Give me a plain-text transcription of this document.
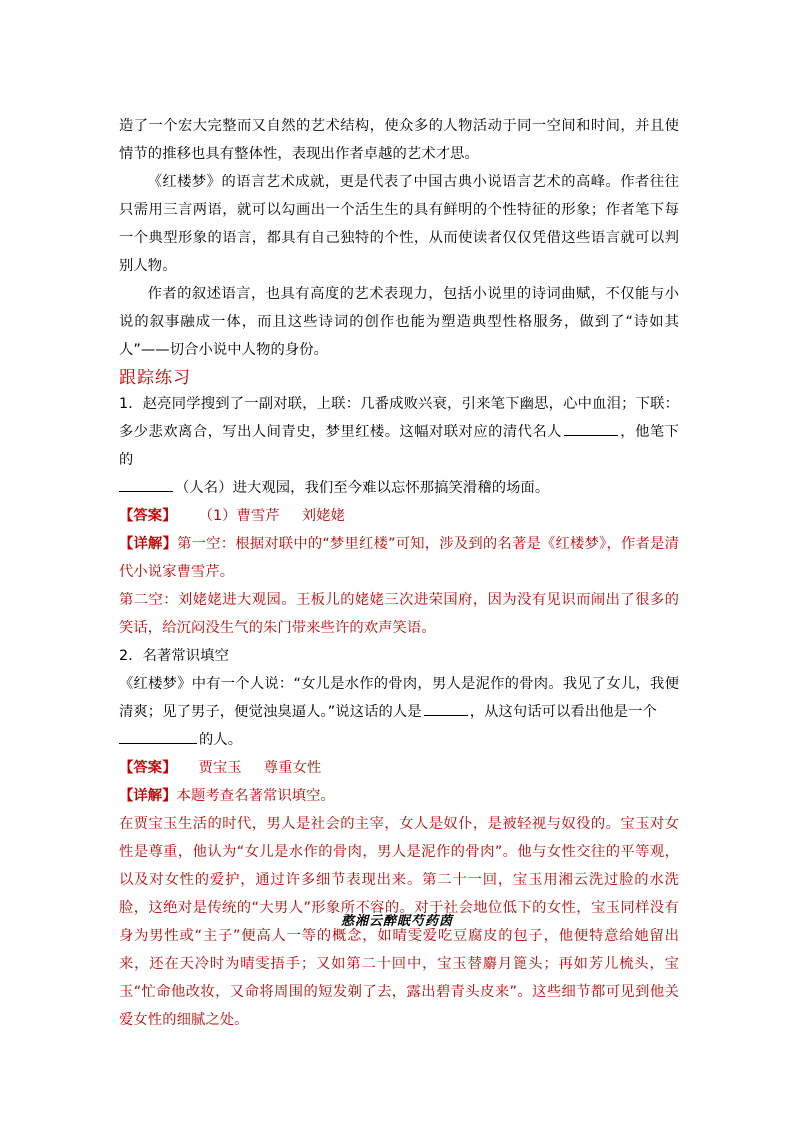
造了一个宏大完整而又自然的艺术结构，使众多的人物活动于同一空间和时间，并且使情节的推移也具有整体性，表现出作者卓越的艺术才思。

《红楼梦》的语言艺术成就，更是代表了中国古典小说语言艺术的高峰。作者往往只需用三言两语，就可以勾画出一个活生生的具有鲜明的个性特征的形象；作者笔下每一个典型形象的语言，都具有自己独特的个性，从而使读者仅仅凭借这些语言就可以判别人物。

作者的叙述语言，也具有高度的艺术表现力，包括小说里的诗词曲赋，不仅能与小说的叙事融成一体，而且这些诗词的创作也能为塑造典型性格服务，做到了“诗如其人”——切合小说中人物的身份。

跟踪练习

1．赵亮同学搜到了一副对联，上联：几番成败兴衰，引来笔下幽思，心中血泪；下联：多少悲欢离合，写出人间青史，梦里红楼。这幅对联对应的清代名人	，他笔下的
（人名）进大观园，我们至今难以忘怀那搞笑滑稽的场面。

【答案】 （1）曹雪芹 刘姥姥

【详解】第一空：根据对联中的“梦里红楼”可知，涉及到的名著是《红楼梦》，作者是清代小说家曹雪芹。

第二空：刘姥姥进大观园。王板儿的姥姥三次进荣国府，因为没有见识而闹出了很多的笑话，给沉闷没生气的朱门带来些许的欢声笑语。

2．名著常识填空

《红楼梦》中有一个人说：“女儿是水作的骨肉，男人是泥作的骨肉。我见了女儿，我便清爽；见了男子，便觉浊臭逼人。”说这话的人是	，从这句话可以看出他是一个
的人。

【答案】 贾宝玉 尊重女性

【详解】本题考查名著常识填空。

在贾宝玉生活的时代，男人是社会的主宰，女人是奴仆，是被轻视与奴役的。宝玉对女性是尊重，他认为“女儿是水作的骨肉，男人是泥作的骨肉”。他与女性交往的平等观，以及对女性的爱护，通过许多细节表现出来。第二十一回，宝玉用湘云洗过脸的水洗脸，这绝对是传统的“大男人”形象所不容的。对于社会地位低下的女性，宝玉同样没有身为男性或“主子”便高人一等的概念，如晴雯爱吃豆腐皮的包子，他便特意给她留出来，还在天冷时为晴雯捂手；又如第二十回中，宝玉替麝月篦头；再如芳儿梳头，宝玉“忙命他改妆，又命将周围的短发剃了去，露出碧青头皮来”。这些细节都可见到他关爱女性的细腻之处。

憨湘云醉眠芍药茵
